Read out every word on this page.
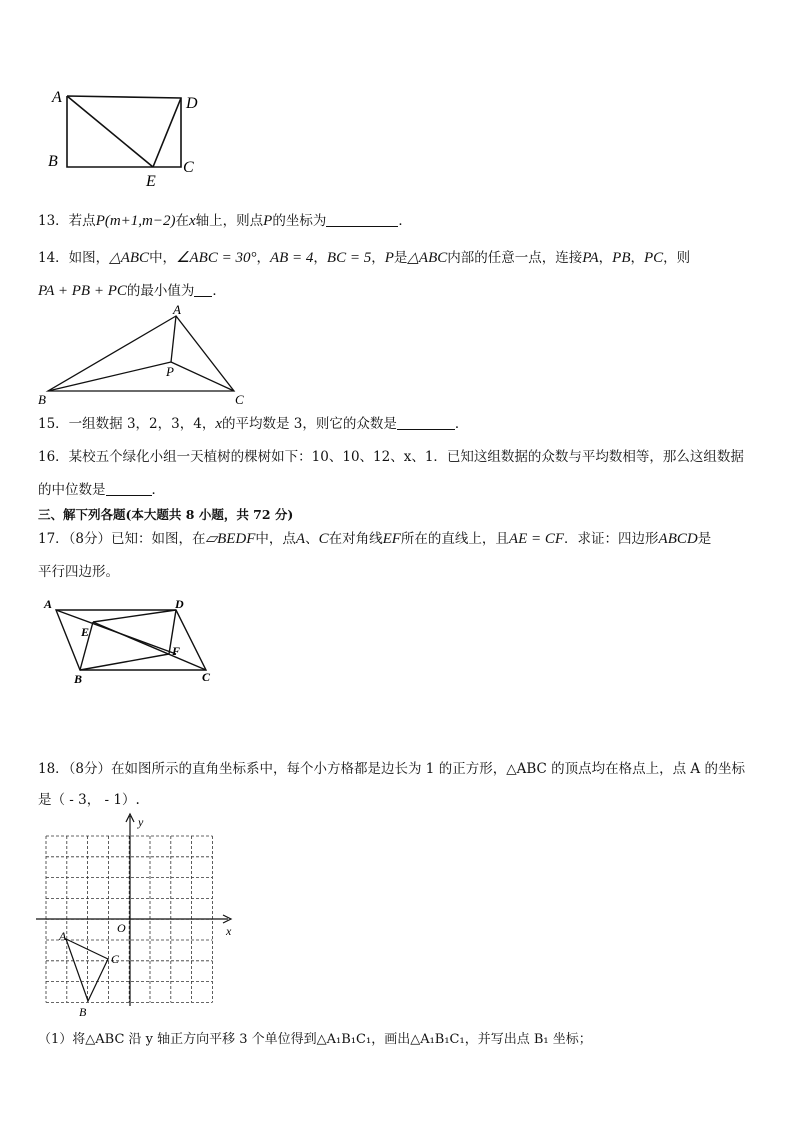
A	D
B	C
E
13．若点P(m+1,m−2)在x轴上，则点P的坐标为	．
14．如图，△ABC中，∠ABC = 30°，AB = 4，BC = 5，P是△ABC内部的任意一点，连接PA，PB，PC，则
PA + PB + PC的最小值为 ．
A
P
B	C
15．一组数据 3，2，3，4，x的平均数是 3，则它的众数是	．
16．某校五个绿化小组一天植树的棵树如下：10、10、12、x、1．已知这组数据的众数与平均数相等，那么这组数据
的中位数是	．
三、解下列各题(本大题共 8 小题，共 72 分)
17．（8分）已知：如图，在▱BEDF中，点A、C在对角线EF所在的直线上，且AE = CF．求证：四边形ABCD是
平行四边形。
A	D
E
F
B	C
18．（8分）在如图所示的直角坐标系中，每个小方格都是边长为 1 的正方形，△ABC 的顶点均在格点上，点 A 的坐标
是（ - 3， - 1）.
y
x
O
A
B
C
（1）将△ABC 沿 y 轴正方向平移 3 个单位得到△A₁B₁C₁，画出△A₁B₁C₁，并写出点 B₁ 坐标；
